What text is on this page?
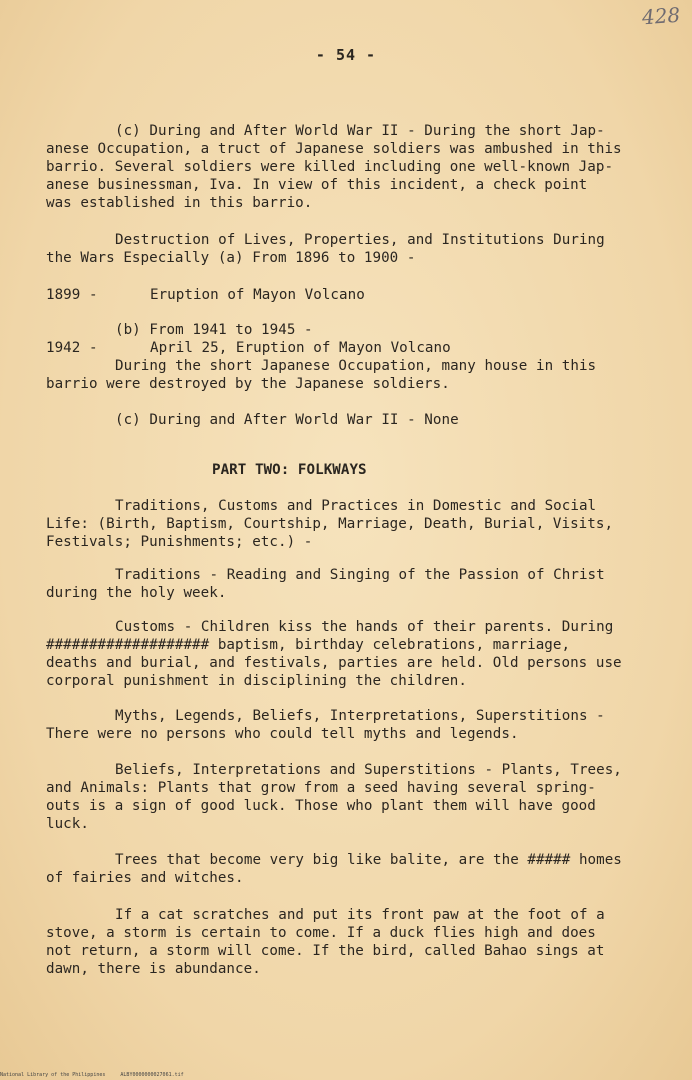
428
- 54 -

(c) During and After World War II - During the short Jap-

anese Occupation, a truct of Japanese soldiers was ambushed in this

barrio. Several soldiers were killed including one well-known Jap-

anese businessman, Iva. In view of this incident, a check point

was established in this barrio.

Destruction of Lives, Properties, and Institutions During

the Wars Especially (a) From 1896 to 1900 -

1899 -	Eruption of Mayon Volcano

(b) From 1941 to 1945 -

1942 -	April 25, Eruption of Mayon Volcano

During the short Japanese Occupation, many house in this

barrio were destroyed by the Japanese soldiers.

(c) During and After World War II - None

PART TWO: FOLKWAYS

Traditions, Customs and Practices in Domestic and Social

Life: (Birth, Baptism, Courtship, Marriage, Death, Burial, Visits,

Festivals; Punishments; etc.) -

Traditions - Reading and Singing of the Passion of Christ

during the holy week.

Customs - Children kiss the hands of their parents. During

################### baptism, birthday celebrations, marriage,

deaths and burial, and festivals, parties are held. Old persons use

corporal punishment in disciplining the children.

Myths, Legends, Beliefs, Interpretations, Superstitions -

There were no persons who could tell myths and legends.

Beliefs, Interpretations and Superstitions - Plants, Trees,

and Animals: Plants that grow from a seed having several spring-

outs is a sign of good luck. Those who plant them will have good

luck.

Trees that become very big like balite, are the ##### homes

of fairies and witches.

If a cat scratches and put its front paw at the foot of a

stove, a storm is certain to come. If a duck flies high and does

not return, a storm will come. If the bird, called Bahao sings at

dawn, there is abundance.

National Library of the Philippines     ALBY0000000027061.tif
